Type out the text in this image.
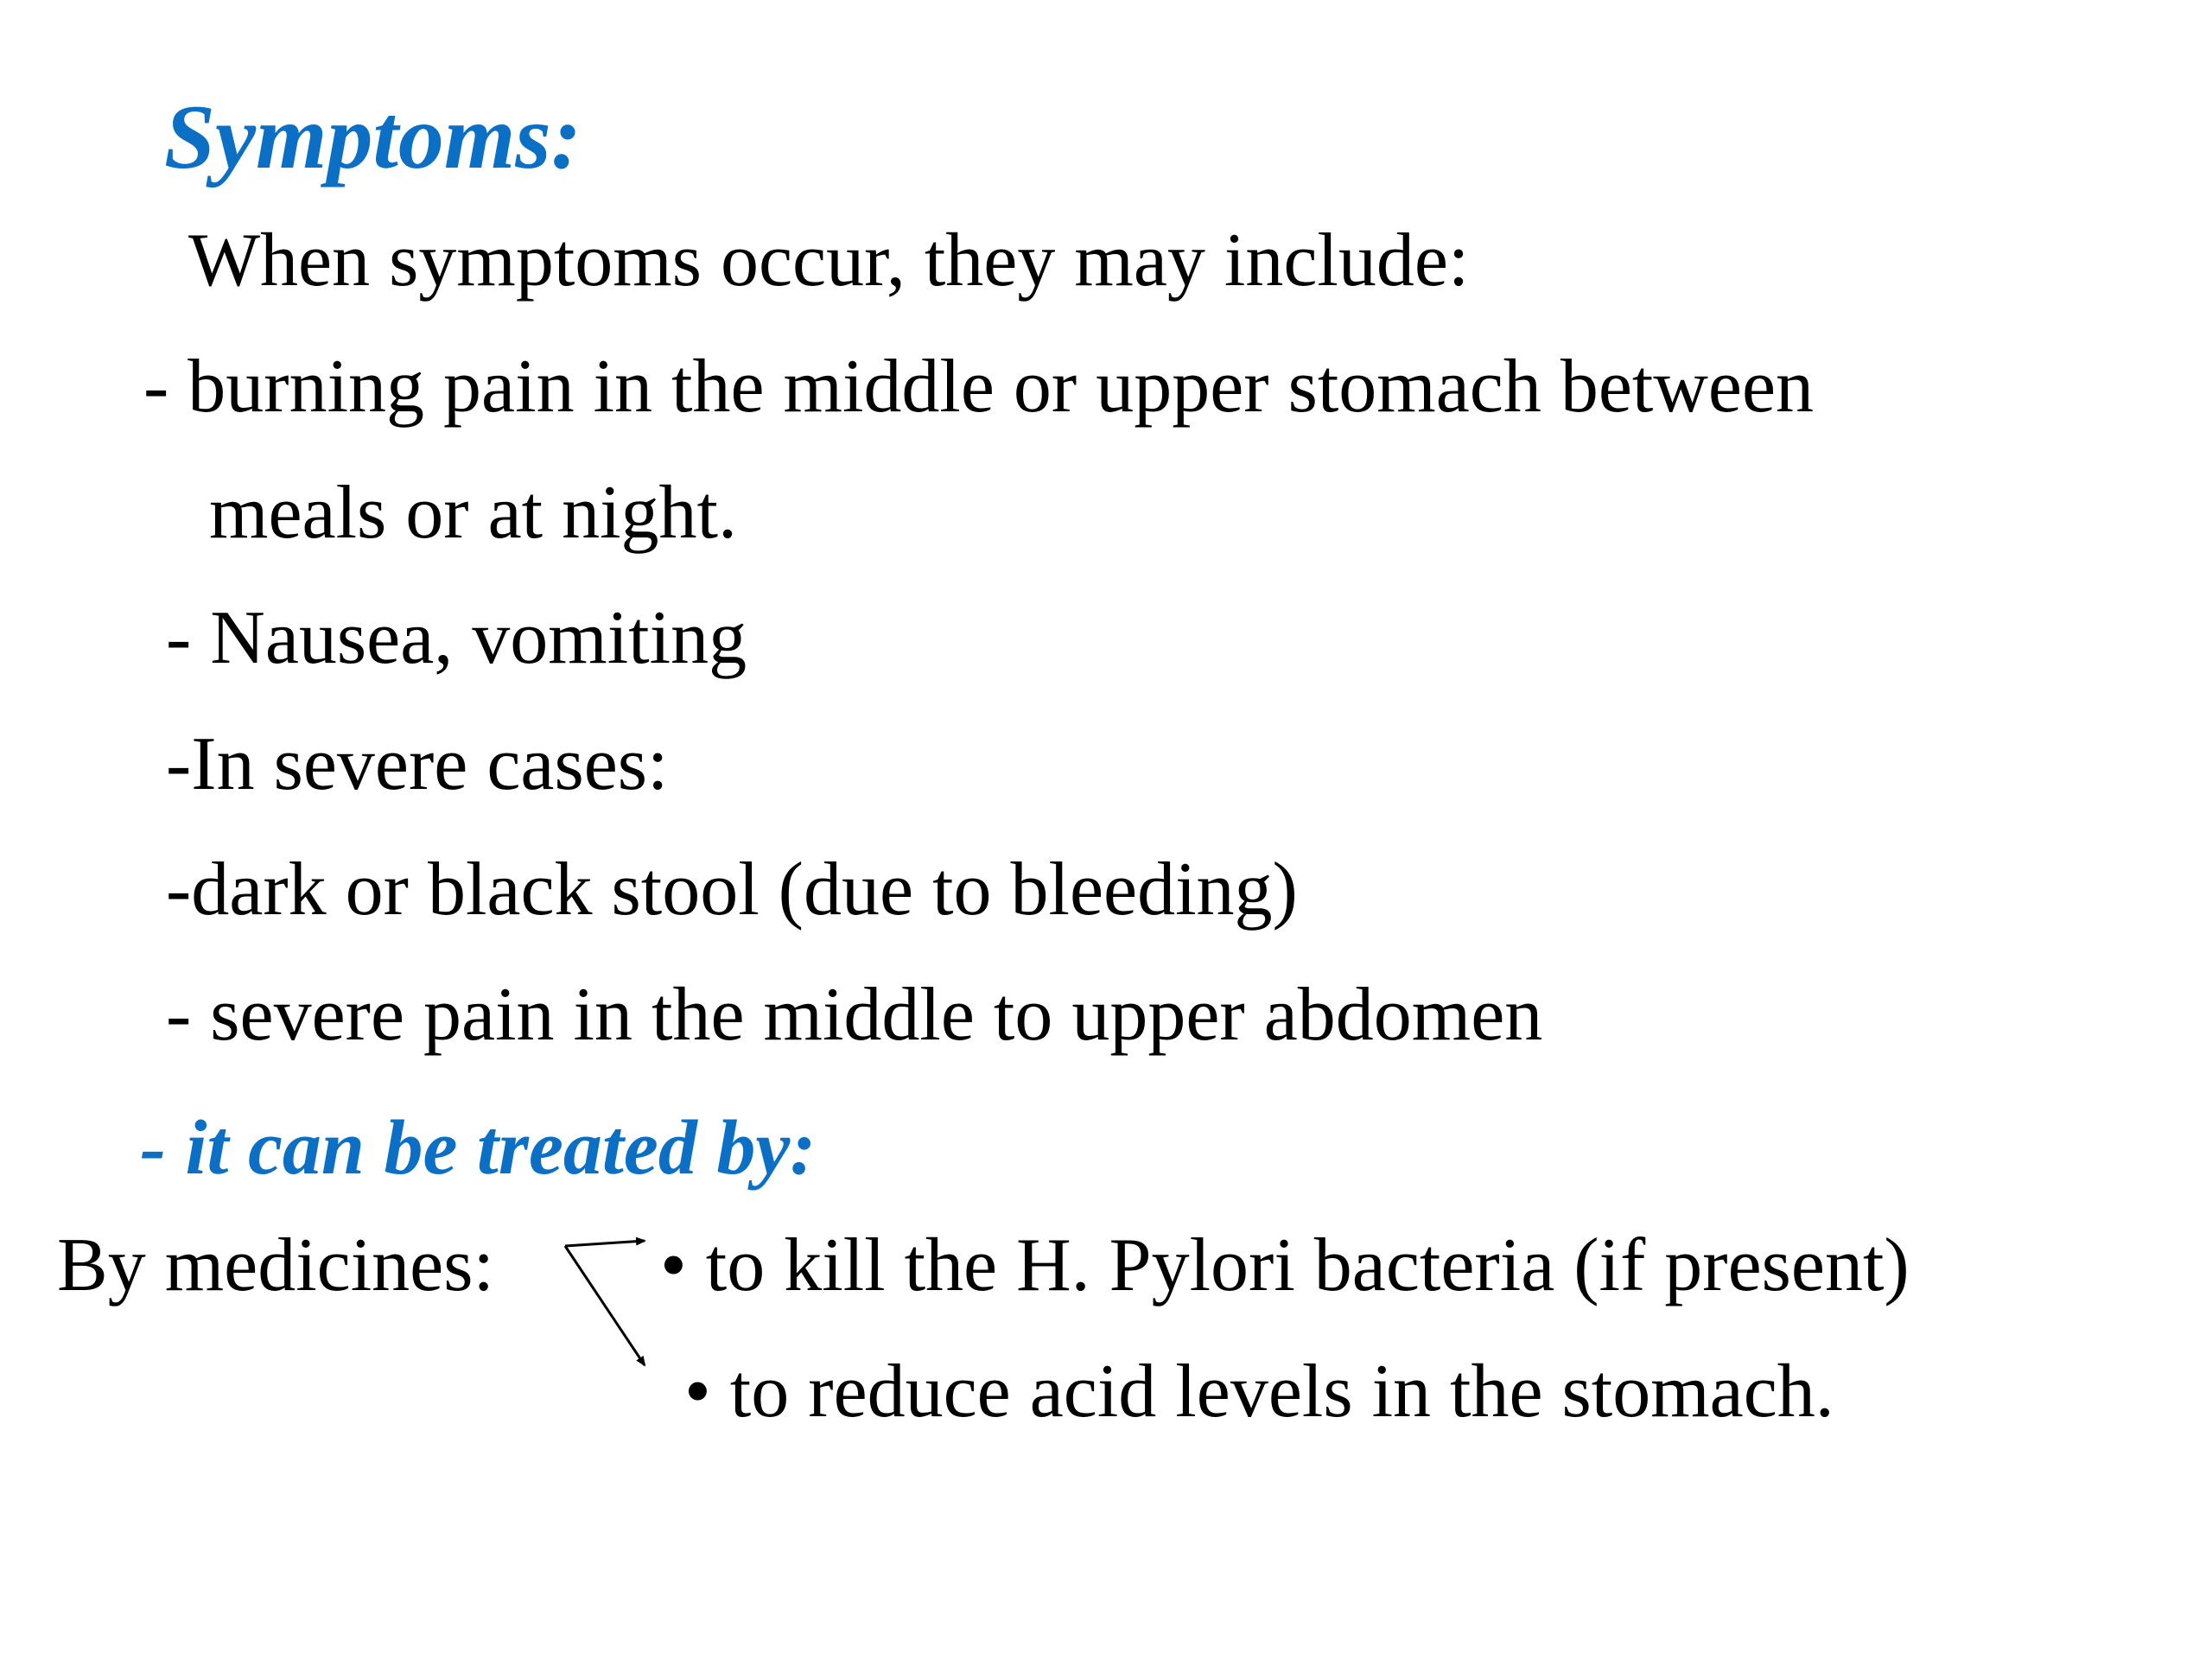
Symptoms:
When symptoms occur, they may include:
- burning pain in the middle or upper stomach between
meals or at night.
- Nausea, vomiting
-In severe cases:
-dark or black stool (due to bleeding)
- severe pain in the middle to upper abdomen
- it can be treated by:
By medicines: • to kill the H. Pylori bacteria (if present)
• to reduce acid levels in the stomach.
